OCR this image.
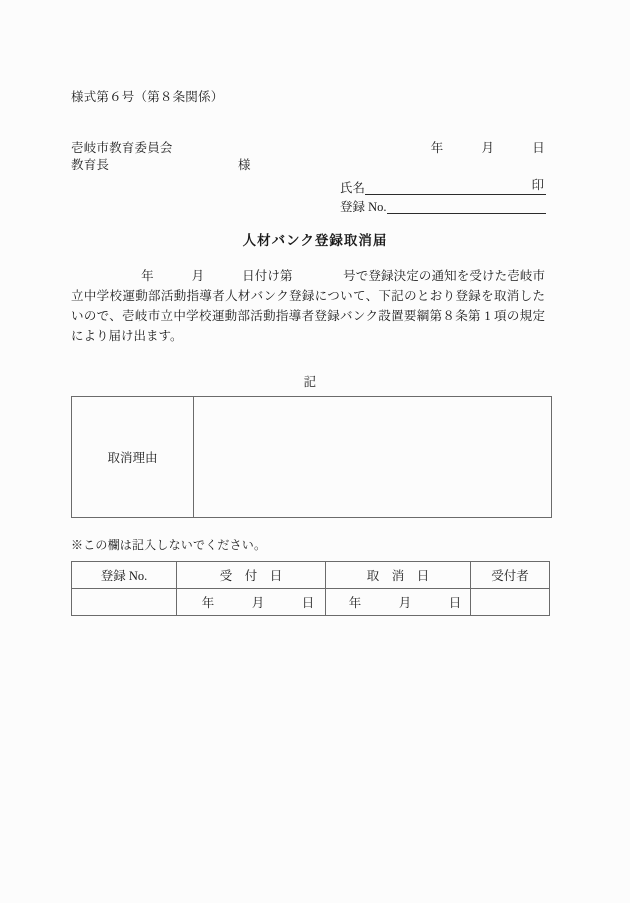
様式第６号（第８条関係）

年　　　月　　　日

壱岐市教育委員会

教育長

	様

氏名	印
登録 No.
人材バンク登録取消届
年　　　月　　　日付け第　　　　号で登録決定の通知を受けた壱岐市立中学校運動部活動指導者人材バンク登録について、下記のとおり登録を取消したいので、壱岐市立中学校運動部活動指導者登録バンク設置要綱第８条第 1 項の規定により届け出ます。
記
取消理由	
※この欄は記入しないでください。
登録 No.	受　付　日	取　消　日	受付者
	年　　　月　　　日	年　　　月　　　日	
